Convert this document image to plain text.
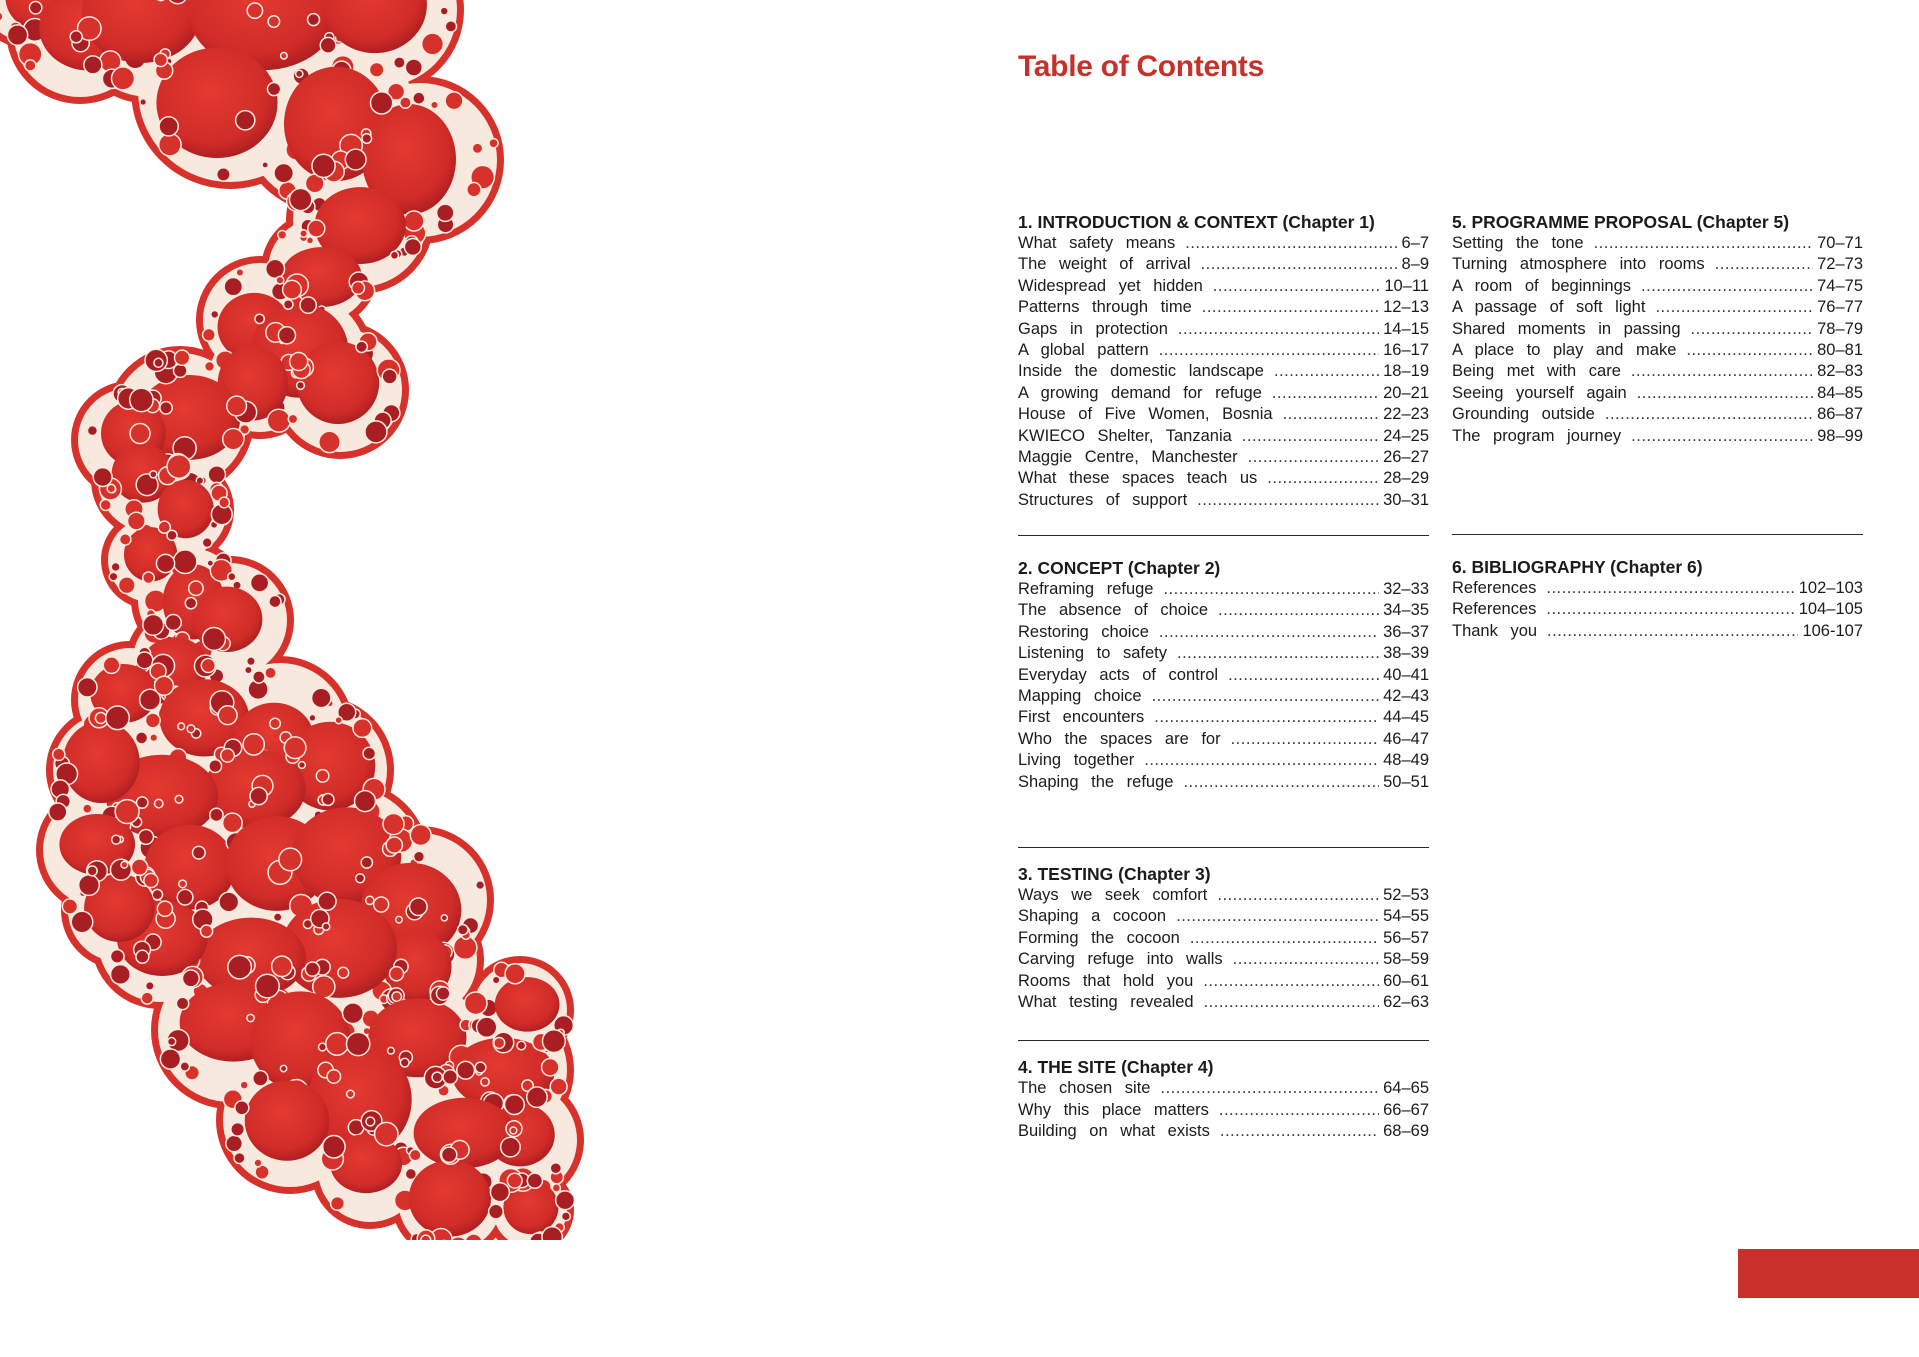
Table of Contents
1. INTRODUCTION & CONTEXT (Chapter 1)
What safety means .....	6–7
The weight of arrival .....	8–9
Widespread yet hidden .....	10–11
Patterns through time .....	12–13
Gaps in protection .....	14–15
A global pattern .....	16–17
Inside the domestic landscape .....	18–19
A growing demand for refuge .....	20–21
House of Five Women, Bosnia .....	22–23
KWIECO Shelter, Tanzania .....	24–25
Maggie Centre, Manchester .....	26–27
What these spaces teach us .....	28–29
Structures of support .....	30–31
2. CONCEPT (Chapter 2)
Reframing refuge .....	32–33
The absence of choice .....	34–35
Restoring choice .....	36–37
Listening to safety .....	38–39
Everyday acts of control .....	40–41
Mapping choice .....	42–43
First encounters .....	44–45
Who the spaces are for .....	46–47
Living together .....	48–49
Shaping the refuge .....	50–51
3. TESTING (Chapter 3)
Ways we seek comfort .....	52–53
Shaping a cocoon .....	54–55
Forming the cocoon .....	56–57
Carving refuge into walls .....	58–59
Rooms that hold you .....	60–61
What testing revealed .....	62–63
4. THE SITE (Chapter 4)
The chosen site .....	64–65
Why this place matters .....	66–67
Building on what exists .....	68–69
5. PROGRAMME PROPOSAL (Chapter 5)
Setting the tone .....	70–71
Turning atmosphere into rooms .....	72–73
A room of beginnings .....	74–75
A passage of soft light .....	76–77
Shared moments in passing .....	78–79
A place to play and make .....	80–81
Being met with care .....	82–83
Seeing yourself again .....	84–85
Grounding outside .....	86–87
The program journey .....	98–99
6. BIBLIOGRAPHY (Chapter 6)
References .....	102–103
References .....	104–105
Thank you .....	106-107
